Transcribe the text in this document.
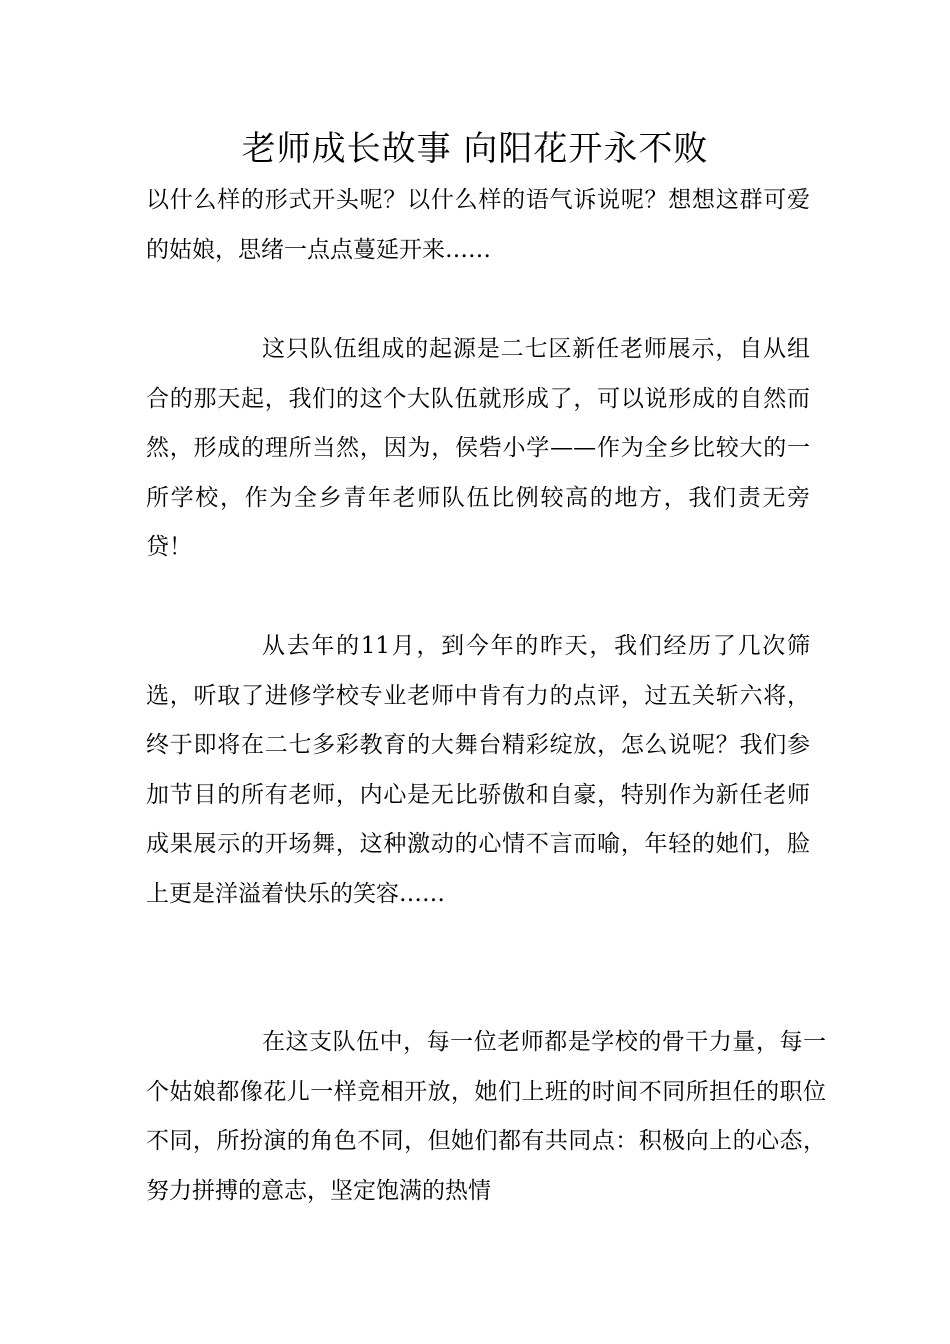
老师成长故事 向阳花开永不败

以什么样的形式开头呢？以什么样的语气诉说呢？想想这群可爱的姑娘，思绪一点点蔓延开来……

这只队伍组成的起源是二七区新任老师展示，自从组合的那天起，我们的这个大队伍就形成了，可以说形成的自然而然，形成的理所当然，因为，侯砦小学——作为全乡比较大的一所学校，作为全乡青年老师队伍比例较高的地方，我们责无旁贷！

从去年的11月，到今年的昨天，我们经历了几次筛选，听取了进修学校专业老师中肯有力的点评，过五关斩六将，终于即将在二七多彩教育的大舞台精彩绽放，怎么说呢？我们参加节目的所有老师，内心是无比骄傲和自豪，特别作为新任老师成果展示的开场舞，这种激动的心情不言而喻，年轻的她们，脸上更是洋溢着快乐的笑容……

在这支队伍中，每一位老师都是学校的骨干力量，每一个姑娘都像花儿一样竞相开放，她们上班的时间不同所担任的职位不同，所扮演的角色不同，但她们都有共同点：积极向上的心态，努力拼搏的意志，坚定饱满的热情
